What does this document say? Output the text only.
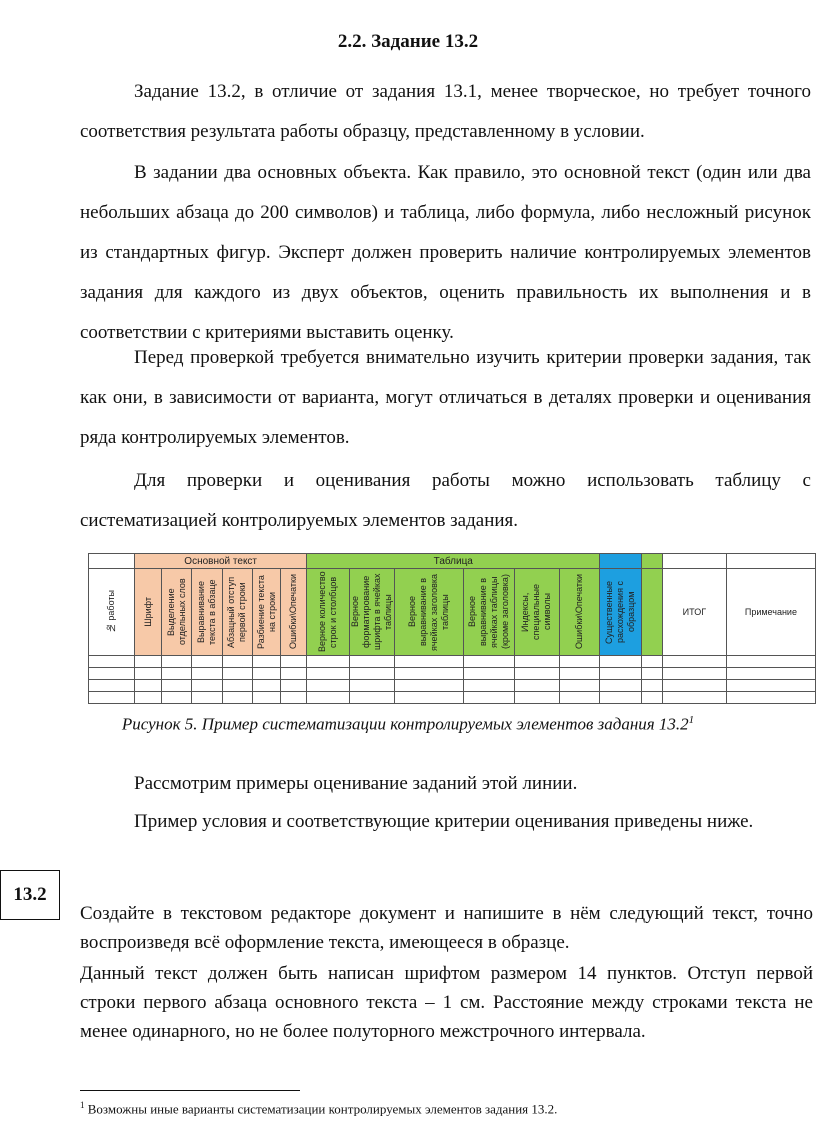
2.2. Задание 13.2

Задание 13.2, в отличие от задания 13.1, менее творческое, но требует точного соответствия результата работы образцу, представленному в условии.

В задании два основных объекта. Как правило, это основной текст (один или два небольших абзаца до 200 символов) и таблица, либо формула, либо несложный рисунок из стандартных фигур. Эксперт должен проверить наличие контролируемых элементов задания для каждого из двух объектов, оценить правильность их выполнения и в соответствии с критериями выставить оценку.

Перед проверкой требуется внимательно изучить критерии проверки задания, так как они, в зависимости от варианта, могут отличаться в деталях проверки и оценивания ряда контролируемых элементов.

Для проверки и оценивания работы можно использовать таблицу с систематизацией контролируемых элементов задания.

	Основной текст						Таблица									

№ работы	Шрифт	Выделение отдельных слов	Выравнивание текста в абзаце	Абзацный отступ первой строки	Разбиение текста на строки	Ошибки\Опечатки	Верное количество строк и столбцов	Верное форматирование шрифта в ячейках таблицы	Верное выравнивание в ячейках заголовка таблицы	Верное выравнивание в ячейках таблицы (кроме заголовка)	Индексы, специальные символы	Ошибки\Опечатки	Существенные расхождения с образцом		ИТОГ	Примечание

Рисунок 5. Пример систематизации контролируемых элементов задания 13.2$^1$

Рассмотрим примеры оценивание заданий этой линии.

Пример условия и соответствующие критерии оценивания приведены ниже.

13.2

Создайте в текстовом редакторе документ и напишите в нём следующий текст, точно воспроизведя всё оформление текста, имеющееся в образце.

Данный текст должен быть написан шрифтом размером 14 пунктов. Отступ первой строки первого абзаца основного текста – 1 см. Расстояние между строками текста не менее одинарного, но не более полуторного межстрочного интервала.

$^1$ Возможны иные варианты систематизации контролируемых элементов задания 13.2.
